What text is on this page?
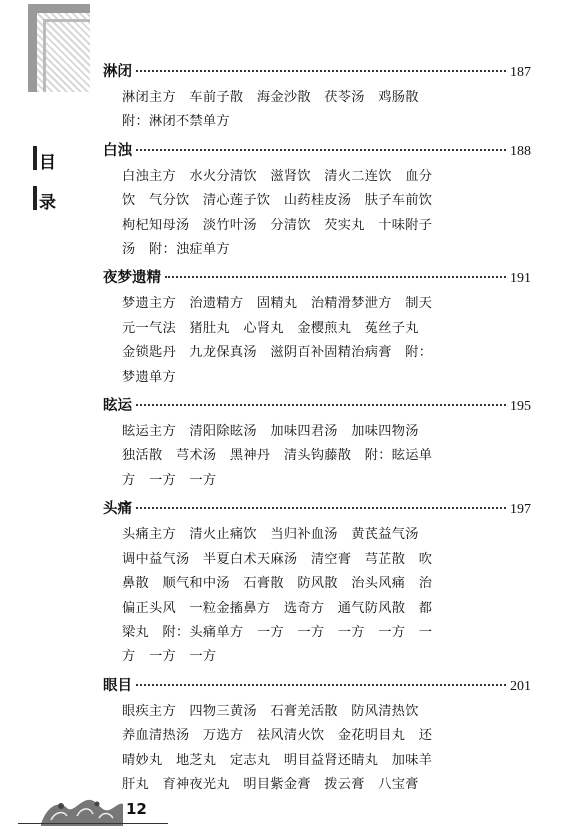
目
录
淋闭	187
淋闭主方　车前子散　海金沙散　茯苓汤　鸡肠散
附：淋闭不禁单方
白浊	188
白浊主方　水火分清饮　滋肾饮　清火二连饮　血分
饮　气分饮　清心莲子饮　山药桂皮汤　肤子车前饮
枸杞知母汤　淡竹叶汤　分清饮　芡实丸　十味附子
汤　附：浊症单方
夜梦遗精	191
梦遗主方　治遗精方　固精丸　治精滑梦泄方　制天
元一气法　猪肚丸　心肾丸　金樱煎丸　菟丝子丸
金锁匙丹　九龙保真汤　滋阴百补固精治病膏　附：
梦遗单方
眩运	195
眩运主方　清阳除眩汤　加味四君汤　加味四物汤
独活散　芎术汤　黑神丹　清头钩藤散　附：眩运单
方　一方　一方
头痛	197
头痛主方　清火止痛饮　当归补血汤　黄芪益气汤
调中益气汤　半夏白术天麻汤　清空膏　芎芷散　吹
鼻散　顺气和中汤　石膏散　防风散　治头风痛　治
偏正头风　一粒金搐鼻方　选奇方　通气防风散　都
梁丸　附：头痛单方　一方　一方　一方　一方　一
方　一方　一方
眼目	201
眼疾主方　四物三黄汤　石膏羌活散　防风清热饮
养血清热汤　万选方　祛风清火饮　金花明目丸　还
晴妙丸　地芝丸　定志丸　明目益肾还睛丸　加味羊
肝丸　育神夜光丸　明目紫金膏　拨云膏　八宝膏
12
